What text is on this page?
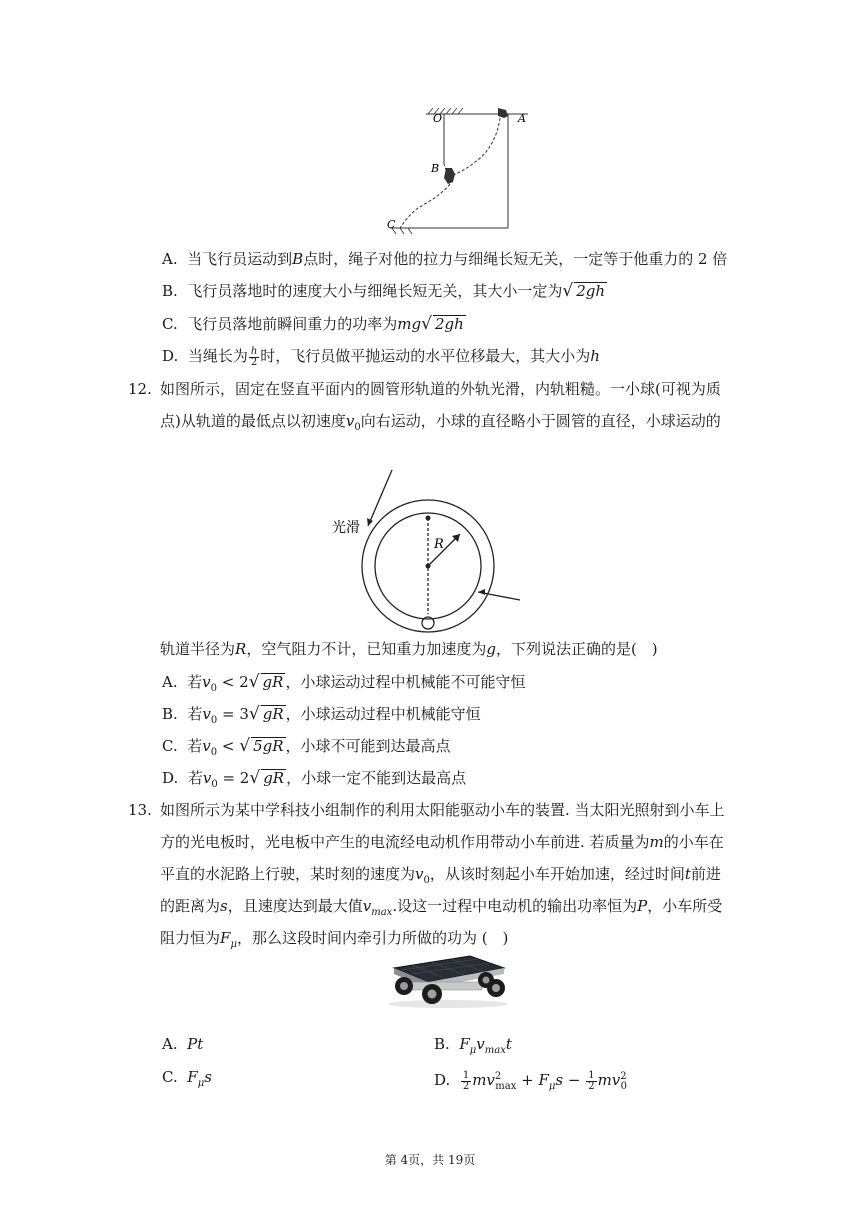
O	A
B
C
A. 当飞行员运动到B点时，绳子对他的拉力与细绳长短无关，一定等于他重力的 2 倍
B. 飞行员落地时的速度大小与细绳长短无关，其大小一定为√ 2gh
C. 飞行员落地前瞬间重力的功率为mg√ 2gh
D. 当绳长为 $\frac{h}{2}$ 时，飞行员做平抛运动的水平位移最大，其大小为h
12. 如图所示，固定在竖直平面内的圆管形轨道的外轨光滑，内轨粗糙。一小球(可视为质
点)从轨道的最低点以初速度$v_0$向右运动，小球的直径略小于圆管的直径，小球运动的
光滑
R
轨道半径为R，空气阻力不计，已知重力加速度为g，下列说法正确的是(　)
A. 若$v_0 < 2√$ gR ，小球运动过程中机械能不可能守恒
B. 若$v_0 = 3√$ gR ，小球运动过程中机械能守恒
C. 若$v_0$ < √ 5gR ，小球不可能到达最高点
D. 若$v_0 = 2√$ gR ，小球一定不能到达最高点
13. 如图所示为某中学科技小组制作的利用太阳能驱动小车的装置. 当太阳光照射到小车上
方的光电板时，光电板中产生的电流经电动机作用带动小车前进. 若质量为m的小车在
平直的水泥路上行驶，某时刻的速度为$v_0$，从该时刻起小车开始加速，经过时间t前进
的距离为s，且速度达到最大值$v_{max}$.设这一过程中电动机的输出功率恒为P，小车所受
阻力恒为$F_\mu$，那么这段时间内牵引力所做的功为 (　)
A. Pt	B. $F_\mu v_{max}t$
C. $F_\mu s$	D. $\frac{1}{2} mv^2_{max} + F_\mu s - \frac{1}{2} mv^2_0$
第 4页，共 19页
